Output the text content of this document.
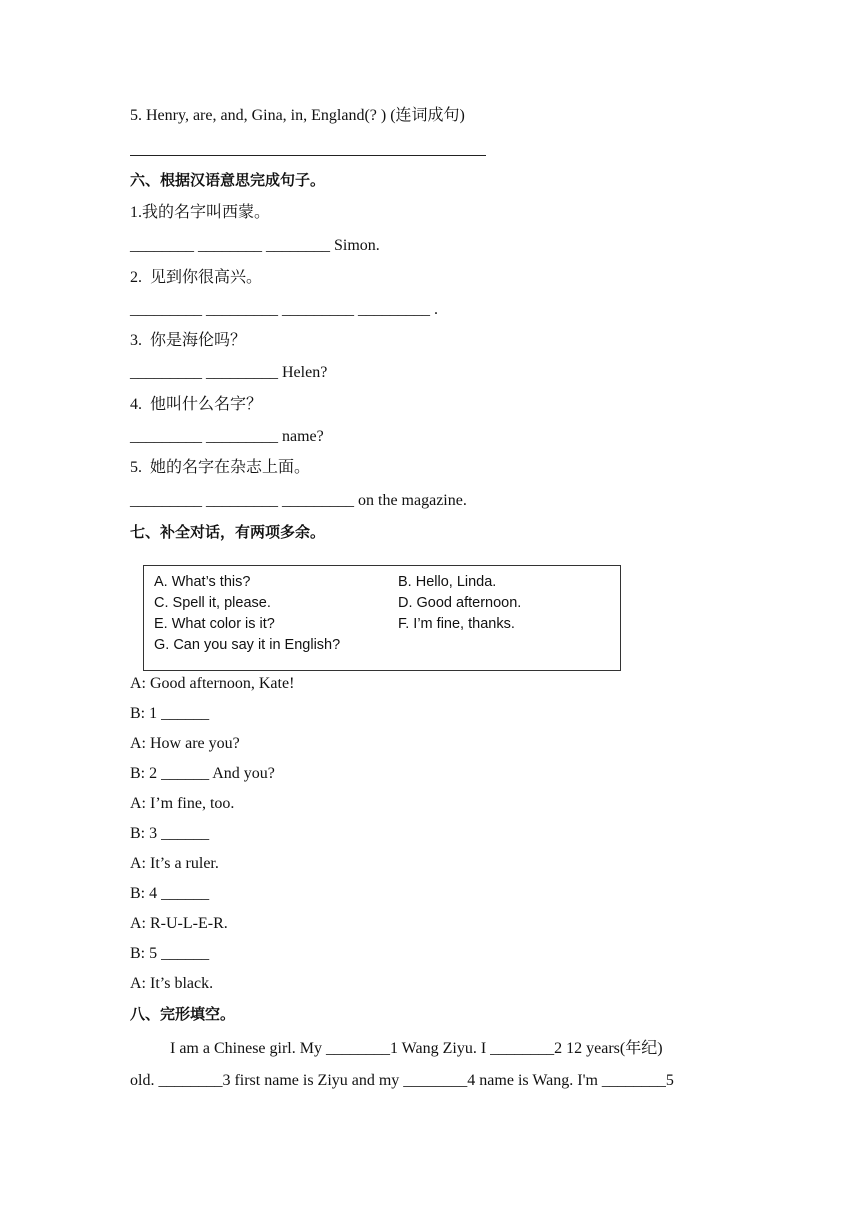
5. Henry, are, and, Gina, in, England(? ) (连词成句)
六、根据汉语意思完成句子。
1.我的名字叫西蒙。
________ ________ ________ Simon.
2.  见到你很高兴。
_________ _________ _________ _________ .
3.  你是海伦吗？
_________ _________ Helen?
4.  他叫什么名字？
_________ _________ name?
5.  她的名字在杂志上面。
_________ _________ _________ on the magazine.
七、补全对话，有两项多余。
A. What’s this?	B. Hello, Linda.
C. Spell it, please.	D. Good afternoon.
E. What color is it?	F. I’m fine, thanks.
G. Can you say it in English?
A: Good afternoon, Kate!
B: 1 ______
A: How are you?
B: 2 ______ And you?
A: I’m fine, too.
B: 3 ______
A: It’s a ruler.
B: 4 ______
A: R-U-L-E-R.
B: 5 ______
A: It’s black.
八、完形填空。
I am a Chinese girl. My ________1 Wang Ziyu. I ________2 12 years(年纪)
old. ________3 first name is Ziyu and my ________4 name is Wang. I'm ________5
